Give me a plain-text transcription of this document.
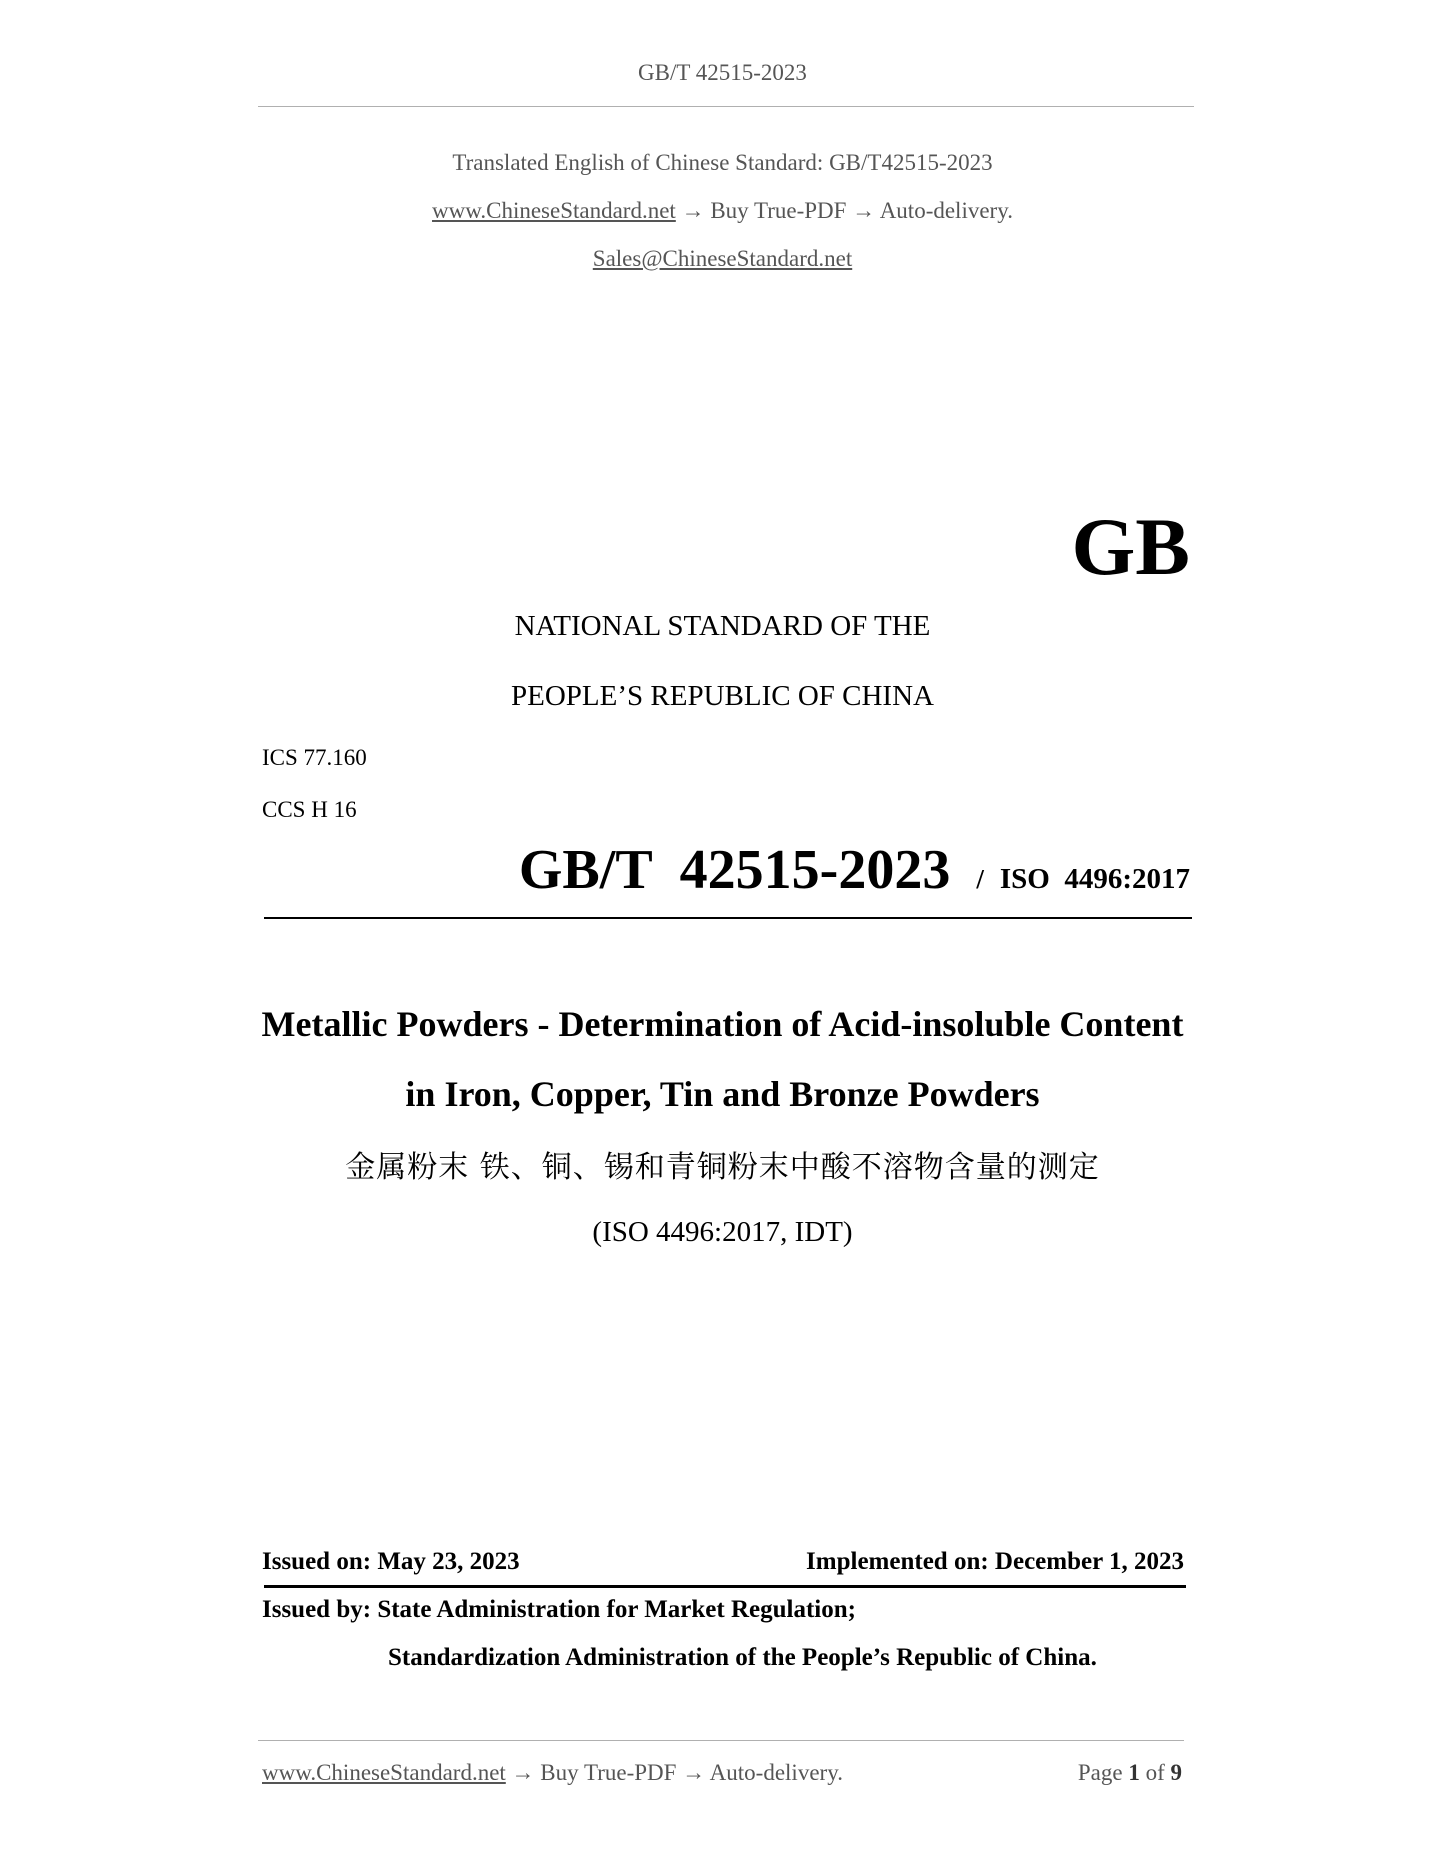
GB/T 42515-2023
Translated English of Chinese Standard: GB/T42515-2023
www.ChineseStandard.net → Buy True-PDF → Auto-delivery.
Sales@ChineseStandard.net
GB
NATIONAL STANDARD OF THE
PEOPLE’S REPUBLIC OF CHINA
ICS 77.160
CCS H 16
GB/T  42515-2023 / ISO  4496:2017
Metallic Powders - Determination of Acid-insoluble Content
in Iron, Copper, Tin and Bronze Powders
金属粉末 铁、铜、锡和青铜粉末中酸不溶物含量的测定
(ISO 4496:2017, IDT)
Issued on: May 23, 2023	Implemented on: December 1, 2023
Issued by: State Administration for Market Regulation;
Standardization Administration of the People’s Republic of China.
www.ChineseStandard.net → Buy True-PDF → Auto-delivery.	Page 1 of 9
